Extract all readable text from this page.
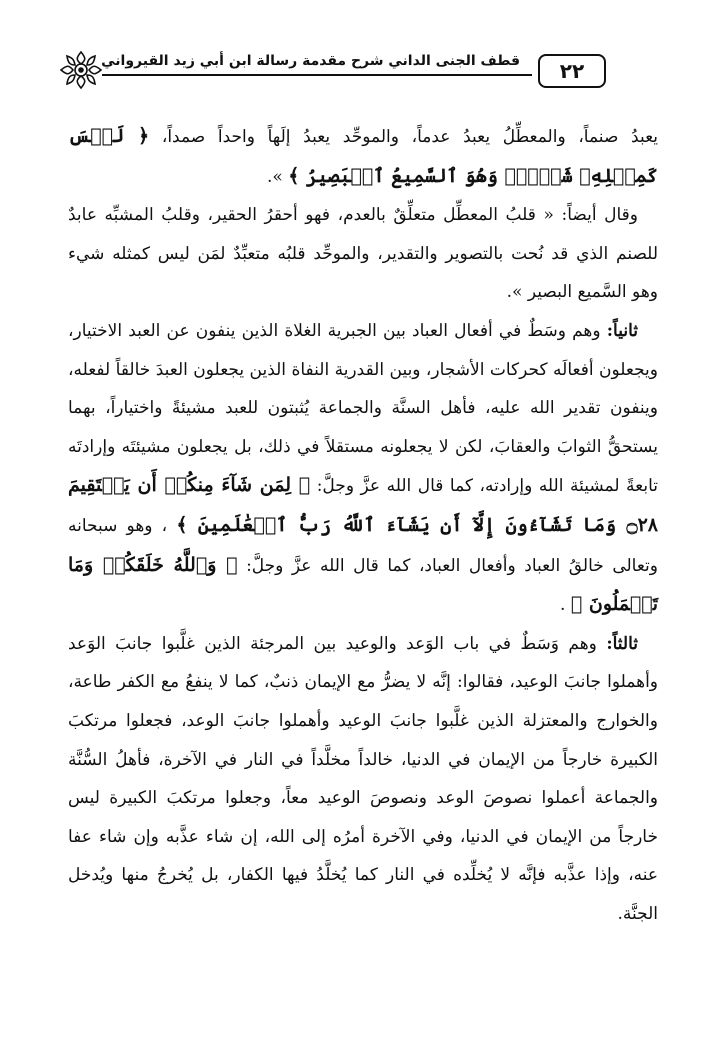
قطف الجنى الداني شرح مقدمة رسالة ابن أبي زيد القيرواني	٢٢

يعبدُ صنماً، والمعطِّلُ يعبدُ عدماً، والموحِّد يعبدُ إلَهاً واحداً صمداً، ﴿ لَيۡسَ كَمِثۡلِهِۦ شَيۡءٞۖ وَهُوَ ٱلسَّمِيعُ ٱلۡبَصِيرُ ﴾ ».

وقال أيضاً: « قلبُ المعطِّل متعلِّقٌ بالعدم، فهو أحقرُ الحقير، وقلبُ المشبِّه عابدٌ للصنم الذي قد نُحت بالتصوير والتقدير، والموحِّد قلبُه متعبِّدٌ لمَن ليس كمثله شيء وهو السَّميع البصير ».

ثانياً: وهم وسَطٌ في أفعال العباد بين الجبرية الغلاة الذين ينفون عن العبد الاختيار، ويجعلون أفعالَه كحركات الأشجار، وبين القدرية النفاة الذين يجعلون العبدَ خالقاً لفعله، وينفون تقدير الله عليه، فأهل السنَّة والجماعة يُثبتون للعبد مشيئةً واختياراً، بهما يستحقُّ الثوابَ والعقابَ، لكن لا يجعلونه مستقلاً في ذلك، بل يجعلون مشيئتَه وإرادتَه تابعةً لمشيئة الله وإرادته، كما قال الله عزَّ وجلَّ: ﴿ لِمَن شَآءَ مِنكُمۡ أَن يَسۡتَقِيمَ ۝٢٨ وَمَا تَشَآءُونَ إِلَّآ أَن يَشَآءَ ٱللَّهُ رَبُّ ٱلۡعَٰلَمِينَ ﴾ ، وهو سبحانه وتعالى خالقُ العباد وأفعال العباد، كما قال الله عزَّ وجلَّ: ﴿ وَٱللَّهُ خَلَقَكُمۡ وَمَا تَعۡمَلُونَ ﴾ .

ثالثاً: وهم وَسَطٌ في باب الوَعد والوعيد بين المرجئة الذين غلَّبوا جانبَ الوَعد وأهملوا جانبَ الوعيد، فقالوا: إنَّه لا يضرُّ مع الإيمان ذنبٌ، كما لا ينفعُ مع الكفر طاعة، والخوارج والمعتزلة الذين غلَّبوا جانبَ الوعيد وأهملوا جانبَ الوعد، فجعلوا مرتكبَ الكبيرة خارجاً من الإيمان في الدنيا، خالداً مخلَّداً في النار في الآخرة، فأهلُ السُّنَّة والجماعة أعملوا نصوصَ الوعد ونصوصَ الوعيد معاً، وجعلوا مرتكبَ الكبيرة ليس خارجاً من الإيمان في الدنيا، وفي الآخرة أمرُه إلى الله، إن شاء عذَّبه وإن شاء عفا عنه، وإذا عذَّبه فإنَّه لا يُخلِّده في النار كما يُخلَّدُ فيها الكفار، بل يُخرجُ منها ويُدخل الجنَّة.
